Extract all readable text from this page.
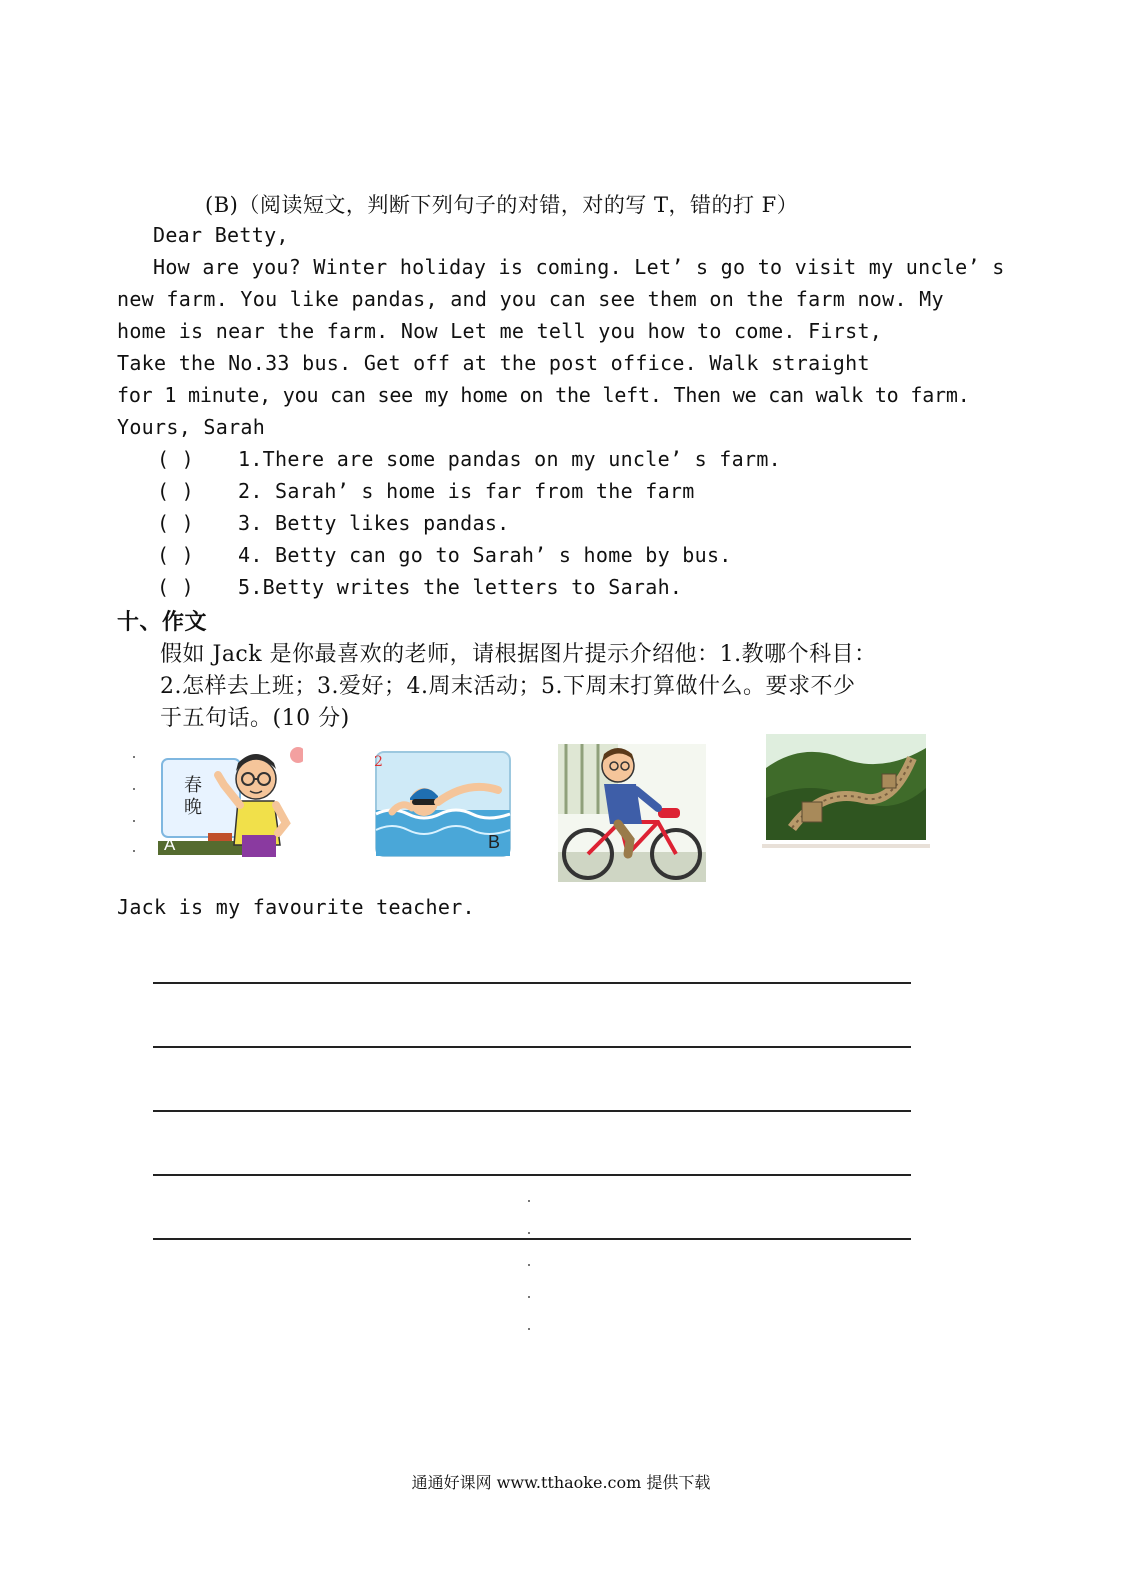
(B)（阅读短文，判断下列句子的对错，对的写 T，错的打 F）
Dear Betty,
How are you? Winter holiday is coming. Let’ s go to visit my uncle’ s
new farm. You like pandas, and you can see them on the farm now. My
home is near the farm. Now Let me tell you how to come. First,
Take the No.33 bus. Get off at the post office. Walk straight
for 1 minute, you can see my home on the left. Then we can walk to farm.
Yours, Sarah
( ) 1.There are some pandas on my uncle’ s farm.
( ) 2. Sarah’ s home is far from the farm
( ) 3. Betty likes pandas.
( ) 4. Betty can go to Sarah’ s home by bus.
( ) 5.Betty writes the letters to Sarah.
十、作文
假如 Jack 是你最喜欢的老师，请根据图片提示介绍他：1.教哪个科目：
2.怎样去上班；3.爱好；4.周末活动；5.下周末打算做什么。要求不少
于五句话。(10 分)
春晚
A
2
B
Jack is my favourite teacher.
通通好课网 www.tthaoke.com 提供下载
